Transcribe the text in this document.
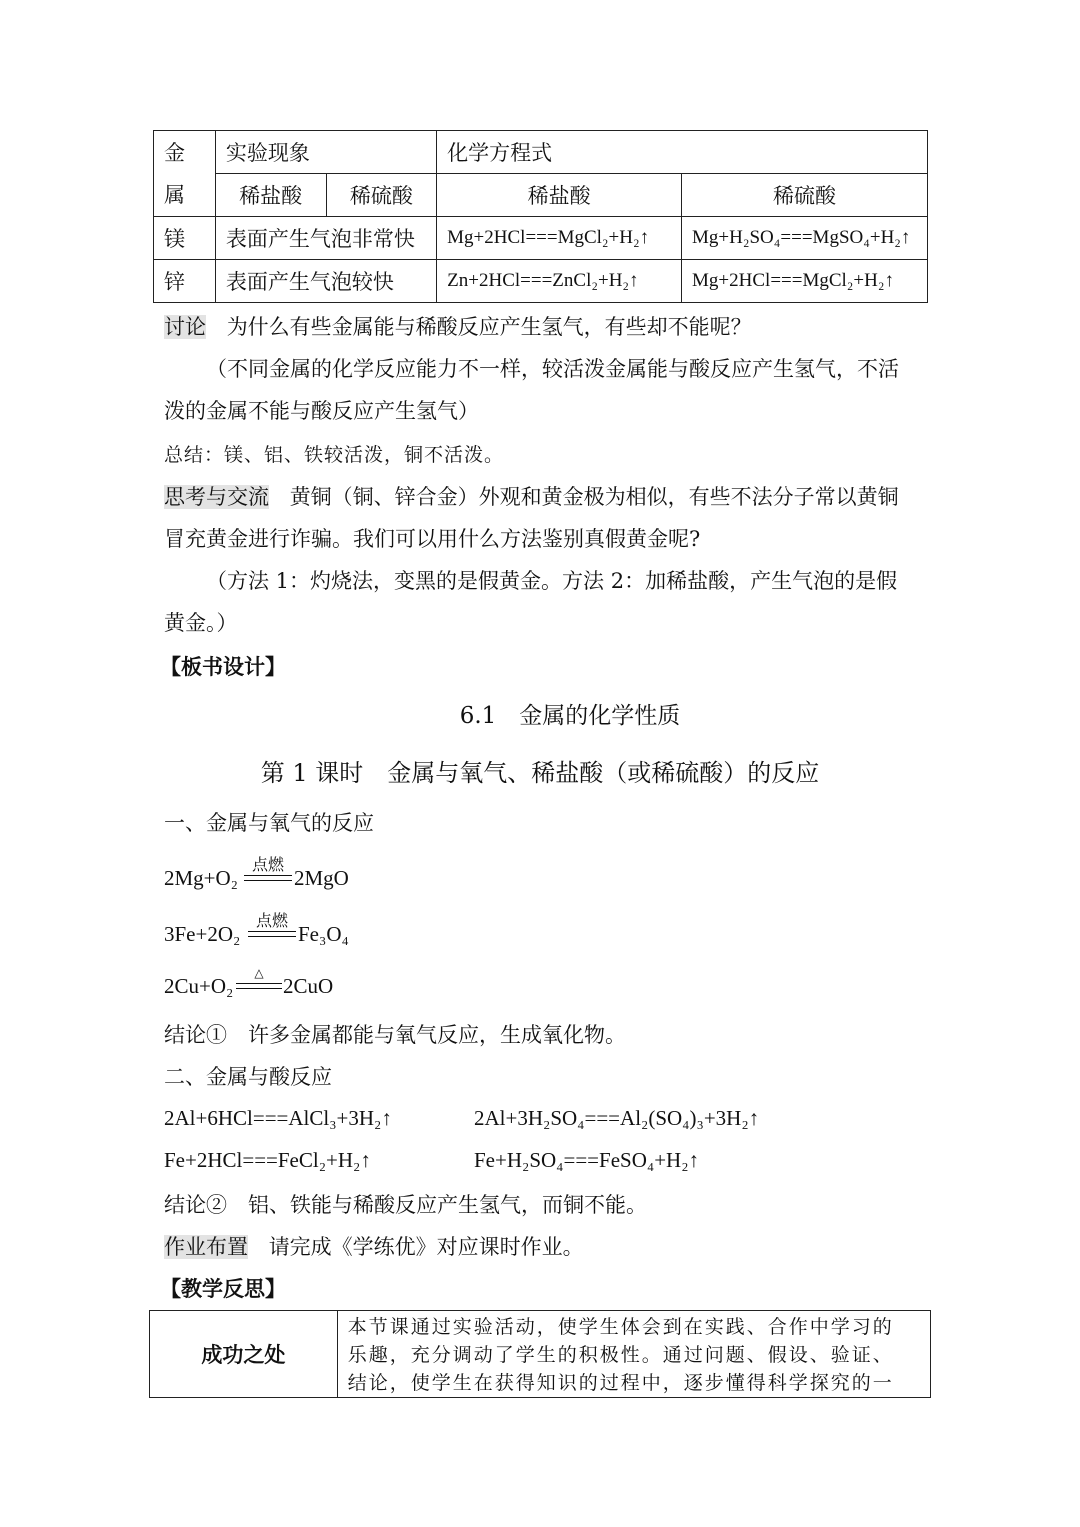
金
属	实验现象		化学方程式	
	稀盐酸	稀硫酸	稀盐酸	稀硫酸
镁	表面产生气泡非常快		Mg+2HCl===MgCl₂+H₂↑	Mg+H₂SO₄===MgSO₄+H₂↑
锌	表面产生气泡较快		Zn+2HCl===ZnCl₂+H₂↑	Mg+2HCl===MgCl₂+H₂↑
讨论 为什么有些金属能与稀酸反应产生氢气，有些却不能呢？
（不同金属的化学反应能力不一样，较活泼金属能与酸反应产生氢气，不活
泼的金属不能与酸反应产生氢气）
总结：镁、铝、铁较活泼，铜不活泼。
思考与交流 黄铜（铜、锌合金）外观和黄金极为相似，有些不法分子常以黄铜
冒充黄金进行诈骗。我们可以用什么方法鉴别真假黄金呢?
（方法 1：灼烧法，变黑的是假黄金。方法 2：加稀盐酸，产生气泡的是假
黄金。）
【板书设计】
6.1　金属的化学性质
第 1 课时　金属与氧气、稀盐酸（或稀硫酸）的反应
一、金属与氧气的反应
2Mg+O₂
点燃
2MgO
3Fe+2O₂
点燃
Fe₃O₄
2Cu+O₂
△
2CuO
结论①　许多金属都能与氧气反应，生成氧化物。
二、金属与酸反应
2Al+6HCl===AlCl₃+3H₂↑	2Al+3H₂SO₄===Al₂(SO₄)₃+3H₂↑
Fe+2HCl===FeCl₂+H₂↑	Fe+H₂SO₄===FeSO₄+H₂↑
结论②　铝、铁能与稀酸反应产生氢气，而铜不能。
作业布置 请完成《学练优》对应课时作业。
【教学反思】
成功之处	
本节课通过实验活动，使学生体会到在实践、合作中学习的
乐趣，充分调动了学生的积极性。通过问题、假设、验证、
结论，使学生在获得知识的过程中，逐步懂得科学探究的一
